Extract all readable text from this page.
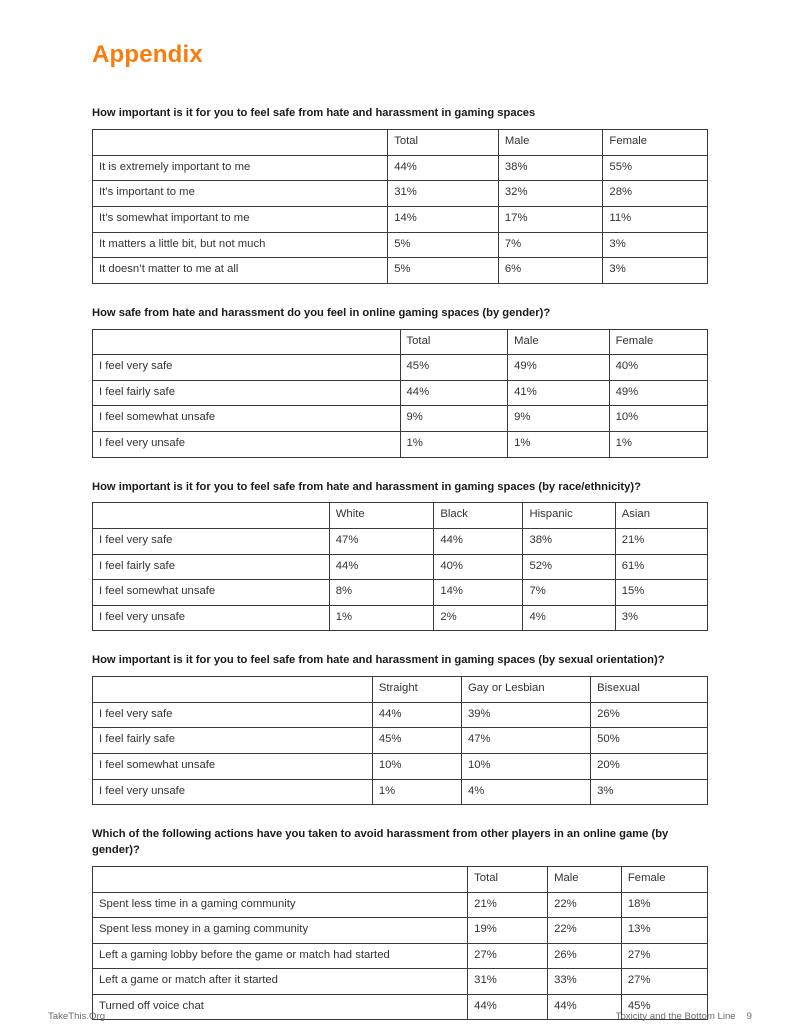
Appendix

How important is it for you to feel safe from hate and harassment in gaming spaces

	Total	Male	Female
It is extremely important to me	44%	38%	55%
It’s important to me	31%	32%	28%
It’s somewhat important to me	14%	17%	11%
It matters a little bit, but not much	5%	7%	3%
It doesn’t matter to me at all	5%	6%	3%

How safe from hate and harassment do you feel in online gaming spaces (by gender)?

	Total	Male	Female
I feel very safe	45%	49%	40%
I feel fairly safe	44%	41%	49%
I feel somewhat unsafe	9%	9%	10%
I feel very unsafe	1%	1%	1%

How important is it for you to feel safe from hate and harassment in gaming spaces (by race/ethnicity)?

	White	Black	Hispanic	Asian
I feel very safe	47%	44%	38%	21%
I feel fairly safe	44%	40%	52%	61%
I feel somewhat unsafe	8%	14%	7%	15%
I feel very unsafe	1%	2%	4%	3%

How important is it for you to feel safe from hate and harassment in gaming spaces (by sexual orientation)?

	Straight	Gay or Lesbian	Bisexual
I feel very safe	44%	39%	26%
I feel fairly safe	45%	47%	50%
I feel somewhat unsafe	10%	10%	20%
I feel very unsafe	1%	4%	3%

Which of the following actions have you taken to avoid harassment from other players in an online game (by gender)?

	Total	Male	Female
Spent less time in a gaming community	21%	22%	18%
Spent less money in a gaming community	19%	22%	13%
Left a gaming lobby before the game or match had started	27%	26%	27%
Left a game or match after it started	31%	33%	27%
Turned off voice chat	44%	44%	45%
TakeThis.Org	Toxicity and the Bottom Line 9
